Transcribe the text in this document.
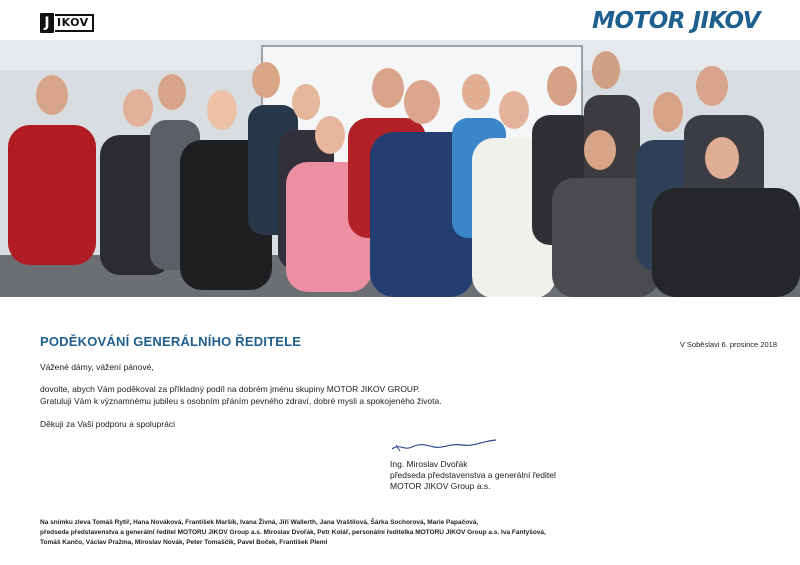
J IKOV	MOTOR JIKOV
PODĚKOVÁNÍ GENERÁLNÍHO ŘEDITELE	V Soběslavi 6. prosince 2018
Vážené dámy, vážení pánové,
dovolte, abych Vám poděkoval za příkladný podíl na dobrém jménu skupiny MOTOR JIKOV GROUP.
Gratuluji Vám k významnému jubileu s osobním přáním pevného zdraví, dobré mysli a spokojeného života.
Děkuji za Vaši podporu a spolupráci
Ing. Miroslav Dvořák
předseda představenstva a generální ředitel
MOTOR JIKOV Group a.s.
Na snímku zleva Tomáš Rytíř, Hana Nováková, František Maršík, Ivana Živná, Jiří Wallerth, Jana Vraštilová, Šárka Sochorová, Marie Papačová,
předseda představenstva a generální ředitel MOTORU JIKOV Group a.s. Miroslav Dvořák, Petr Kolář, personální ředitelka MOTORU JIKOV Group a.s. Iva Fantyšová,
Tomáš Kančo, Václav Pražma, Miroslav Novák, Peter Tomaščík, Pavel Boček, František Pleml
